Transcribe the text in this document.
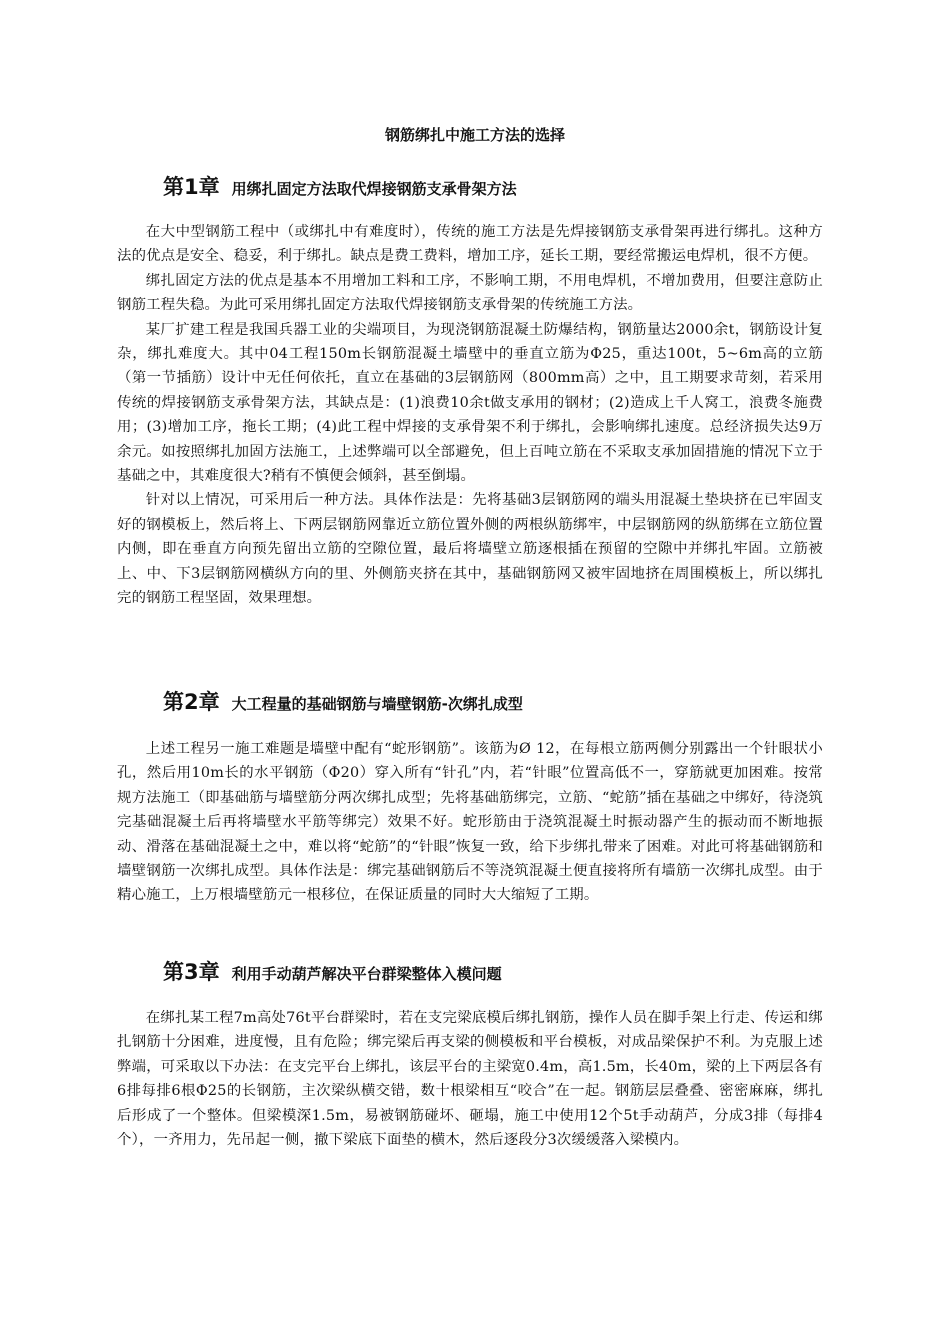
钢筋绑扎中施工方法的选择
第1章 用绑扎固定方法取代焊接钢筋支承骨架方法

在大中型钢筋工程中（或绑扎中有难度时），传统的施工方法是先焊接钢筋支承骨架再进行绑扎。这种方法的优点是安全、稳妥，利于绑扎。缺点是费工费料，增加工序，延长工期，要经常搬运电焊机，很不方便。

绑扎固定方法的优点是基本不用增加工料和工序，不影响工期，不用电焊机，不增加费用，但要注意防止钢筋工程失稳。为此可采用绑扎固定方法取代焊接钢筋支承骨架的传统施工方法。

某厂扩建工程是我国兵器工业的尖端项目，为现浇钢筋混凝土防爆结构，钢筋量达2000余t，钢筋设计复杂，绑扎难度大。其中04工程150m长钢筋混凝土墙壁中的垂直立筋为Φ25，重达100t，5~6m高的立筋（第一节插筋）设计中无任何依托，直立在基础的3层钢筋网（800mm高）之中，且工期要求苛刻，若采用传统的焊接钢筋支承骨架方法，其缺点是：(1)浪费10余t做支承用的钢材；(2)造成上千人窝工，浪费冬施费用；(3)增加工序，拖长工期；(4)此工程中焊接的支承骨架不利于绑扎，会影响绑扎速度。总经济损失达9万余元。如按照绑扎加固方法施工，上述弊端可以全部避免，但上百吨立筋在不采取支承加固措施的情况下立于基础之中，其难度很大?稍有不慎便会倾斜，甚至倒塌。

针对以上情况，可采用后一种方法。具体作法是：先将基础3层钢筋网的端头用混凝土垫块挤在已牢固支好的钢模板上，然后将上、下两层钢筋网靠近立筋位置外侧的两根纵筋绑牢，中层钢筋网的纵筋绑在立筋位置内侧，即在垂直方向预先留出立筋的空隙位置，最后将墙壁立筋逐根插在预留的空隙中并绑扎牢固。立筋被上、中、下3层钢筋网横纵方向的里、外侧筋夹挤在其中，基础钢筋网又被牢固地挤在周围模板上，所以绑扎完的钢筋工程坚固，效果理想。

第2章 大工程量的基础钢筋与墙壁钢筋-次绑扎成型

上述工程另一施工难题是墙壁中配有“蛇形钢筋”。该筋为Ø 12，在每根立筋两侧分别露出一个针眼状小孔，然后用10m长的水平钢筋（Φ20）穿入所有“针孔”内，若“针眼”位置高低不一，穿筋就更加困难。按常规方法施工（即基础筋与墙壁筋分两次绑扎成型；先将基础筋绑完，立筋、“蛇筋”插在基础之中绑好，待浇筑完基础混凝土后再将墙壁水平筋等绑完）效果不好。蛇形筋由于浇筑混凝土时振动器产生的振动而不断地振动、滑落在基础混凝土之中，难以将“蛇筋”的“针眼”恢复一致，给下步绑扎带来了困难。对此可将基础钢筋和墙壁钢筋一次绑扎成型。具体作法是：绑完基础钢筋后不等浇筑混凝土便直接将所有墙筋一次绑扎成型。由于精心施工，上万根墙壁筋元一根移位，在保证质量的同时大大缩短了工期。

第3章 利用手动葫芦解决平台群梁整体入模问题

在绑扎某工程7m高处76t平台群梁时，若在支完梁底模后绑扎钢筋，操作人员在脚手架上行走、传运和绑扎钢筋十分困难，进度慢，且有危险；绑完梁后再支梁的侧模板和平台模板，对成品梁保护不利。为克服上述弊端，可采取以下办法：在支完平台上绑扎，该层平台的主梁宽0.4m，高1.5m，长40m，梁的上下两层各有6排每排6根Φ25的长钢筋，主次梁纵横交错，数十根梁相互“咬合”在一起。钢筋层层叠叠、密密麻麻，绑扎后形成了一个整体。但梁模深1.5m，易被钢筋碰坏、砸塌，施工中使用12个5t手动葫芦，分成3排（每排4个），一齐用力，先吊起一侧，撤下梁底下面垫的横木，然后逐段分3次缓缓落入梁模内。
